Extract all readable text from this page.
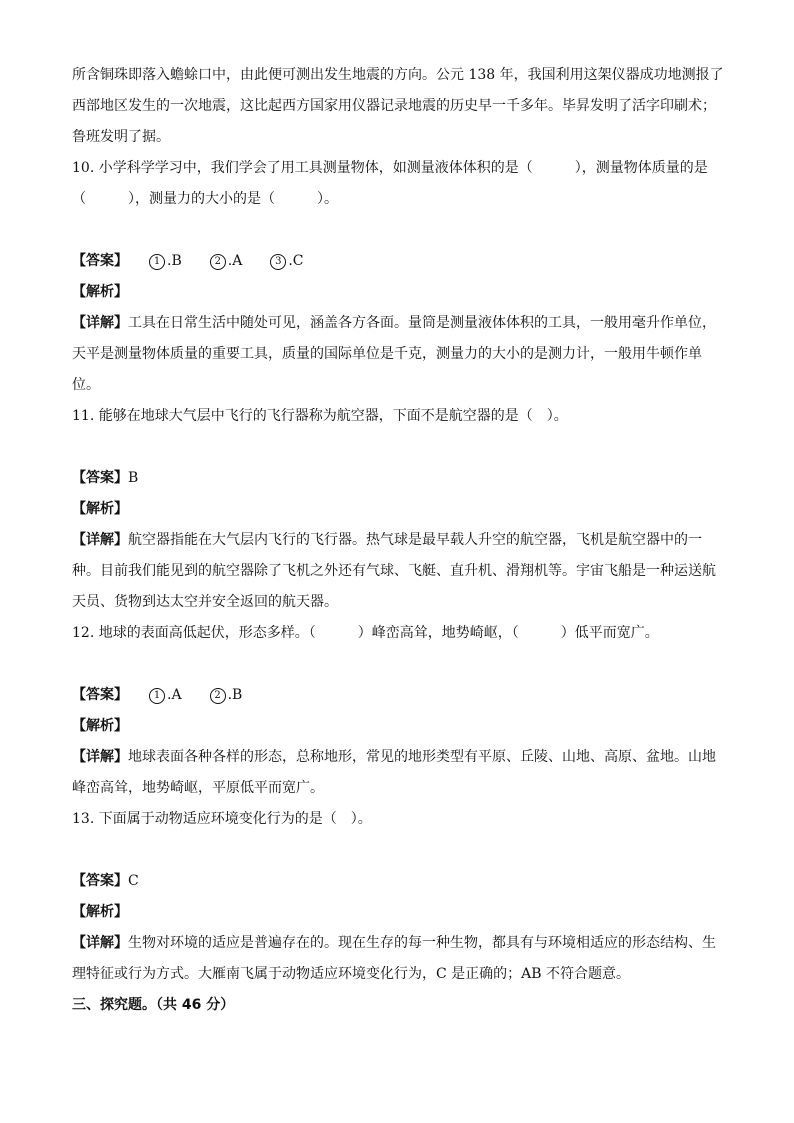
所含铜珠即落入蟾蜍口中，由此便可测出发生地震的方向。公元 138 年，我国利用这架仪器成功地测报了
西部地区发生的一次地震，这比起西方国家用仪器记录地震的历史早一千多年。毕昇发明了活字印刷术；
鲁班发明了据。
10. 小学科学学习中，我们学会了用工具测量物体，如测量液体体积的是（　　　），测量物体质量的是
（　　　），测量力的大小的是（　　　）。

【答案】　　	1 .B	2 .A	3 .C
【解析】
【详解】工具在日常生活中随处可见，涵盖各方各面。量筒是测量液体体积的工具，一般用毫升作单位，
天平是测量物体质量的重要工具，质量的国际单位是千克，测量力的大小的是测力计，一般用牛顿作单
位。
11. 能够在地球大气层中飞行的飞行器称为航空器，下面不是航空器的是（　）。

【答案】B
【解析】
【详解】航空器指能在大气层内飞行的飞行器。热气球是最早载人升空的航空器，飞机是航空器中的一
种。目前我们能见到的航空器除了飞机之外还有气球、飞艇、直升机、滑翔机等。宇宙飞船是一种运送航
天员、货物到达太空并安全返回的航天器。
12. 地球的表面高低起伏，形态多样。（　　　）峰峦高耸，地势崎岖，（　　　）低平而宽广。

【答案】　　	1 .A	2 .B
【解析】
【详解】地球表面各种各样的形态，总称地形，常见的地形类型有平原、丘陵、山地、高原、盆地。山地
峰峦高耸，地势崎岖，平原低平而宽广。
13. 下面属于动物适应环境变化行为的是（　）。

【答案】C
【解析】
【详解】生物对环境的适应是普遍存在的。现在生存的每一种生物，都具有与环境相适应的形态结构、生
理特征或行为方式。大雁南飞属于动物适应环境变化行为，C 是正确的；AB 不符合题意。
三、探究题。（共 46 分）
